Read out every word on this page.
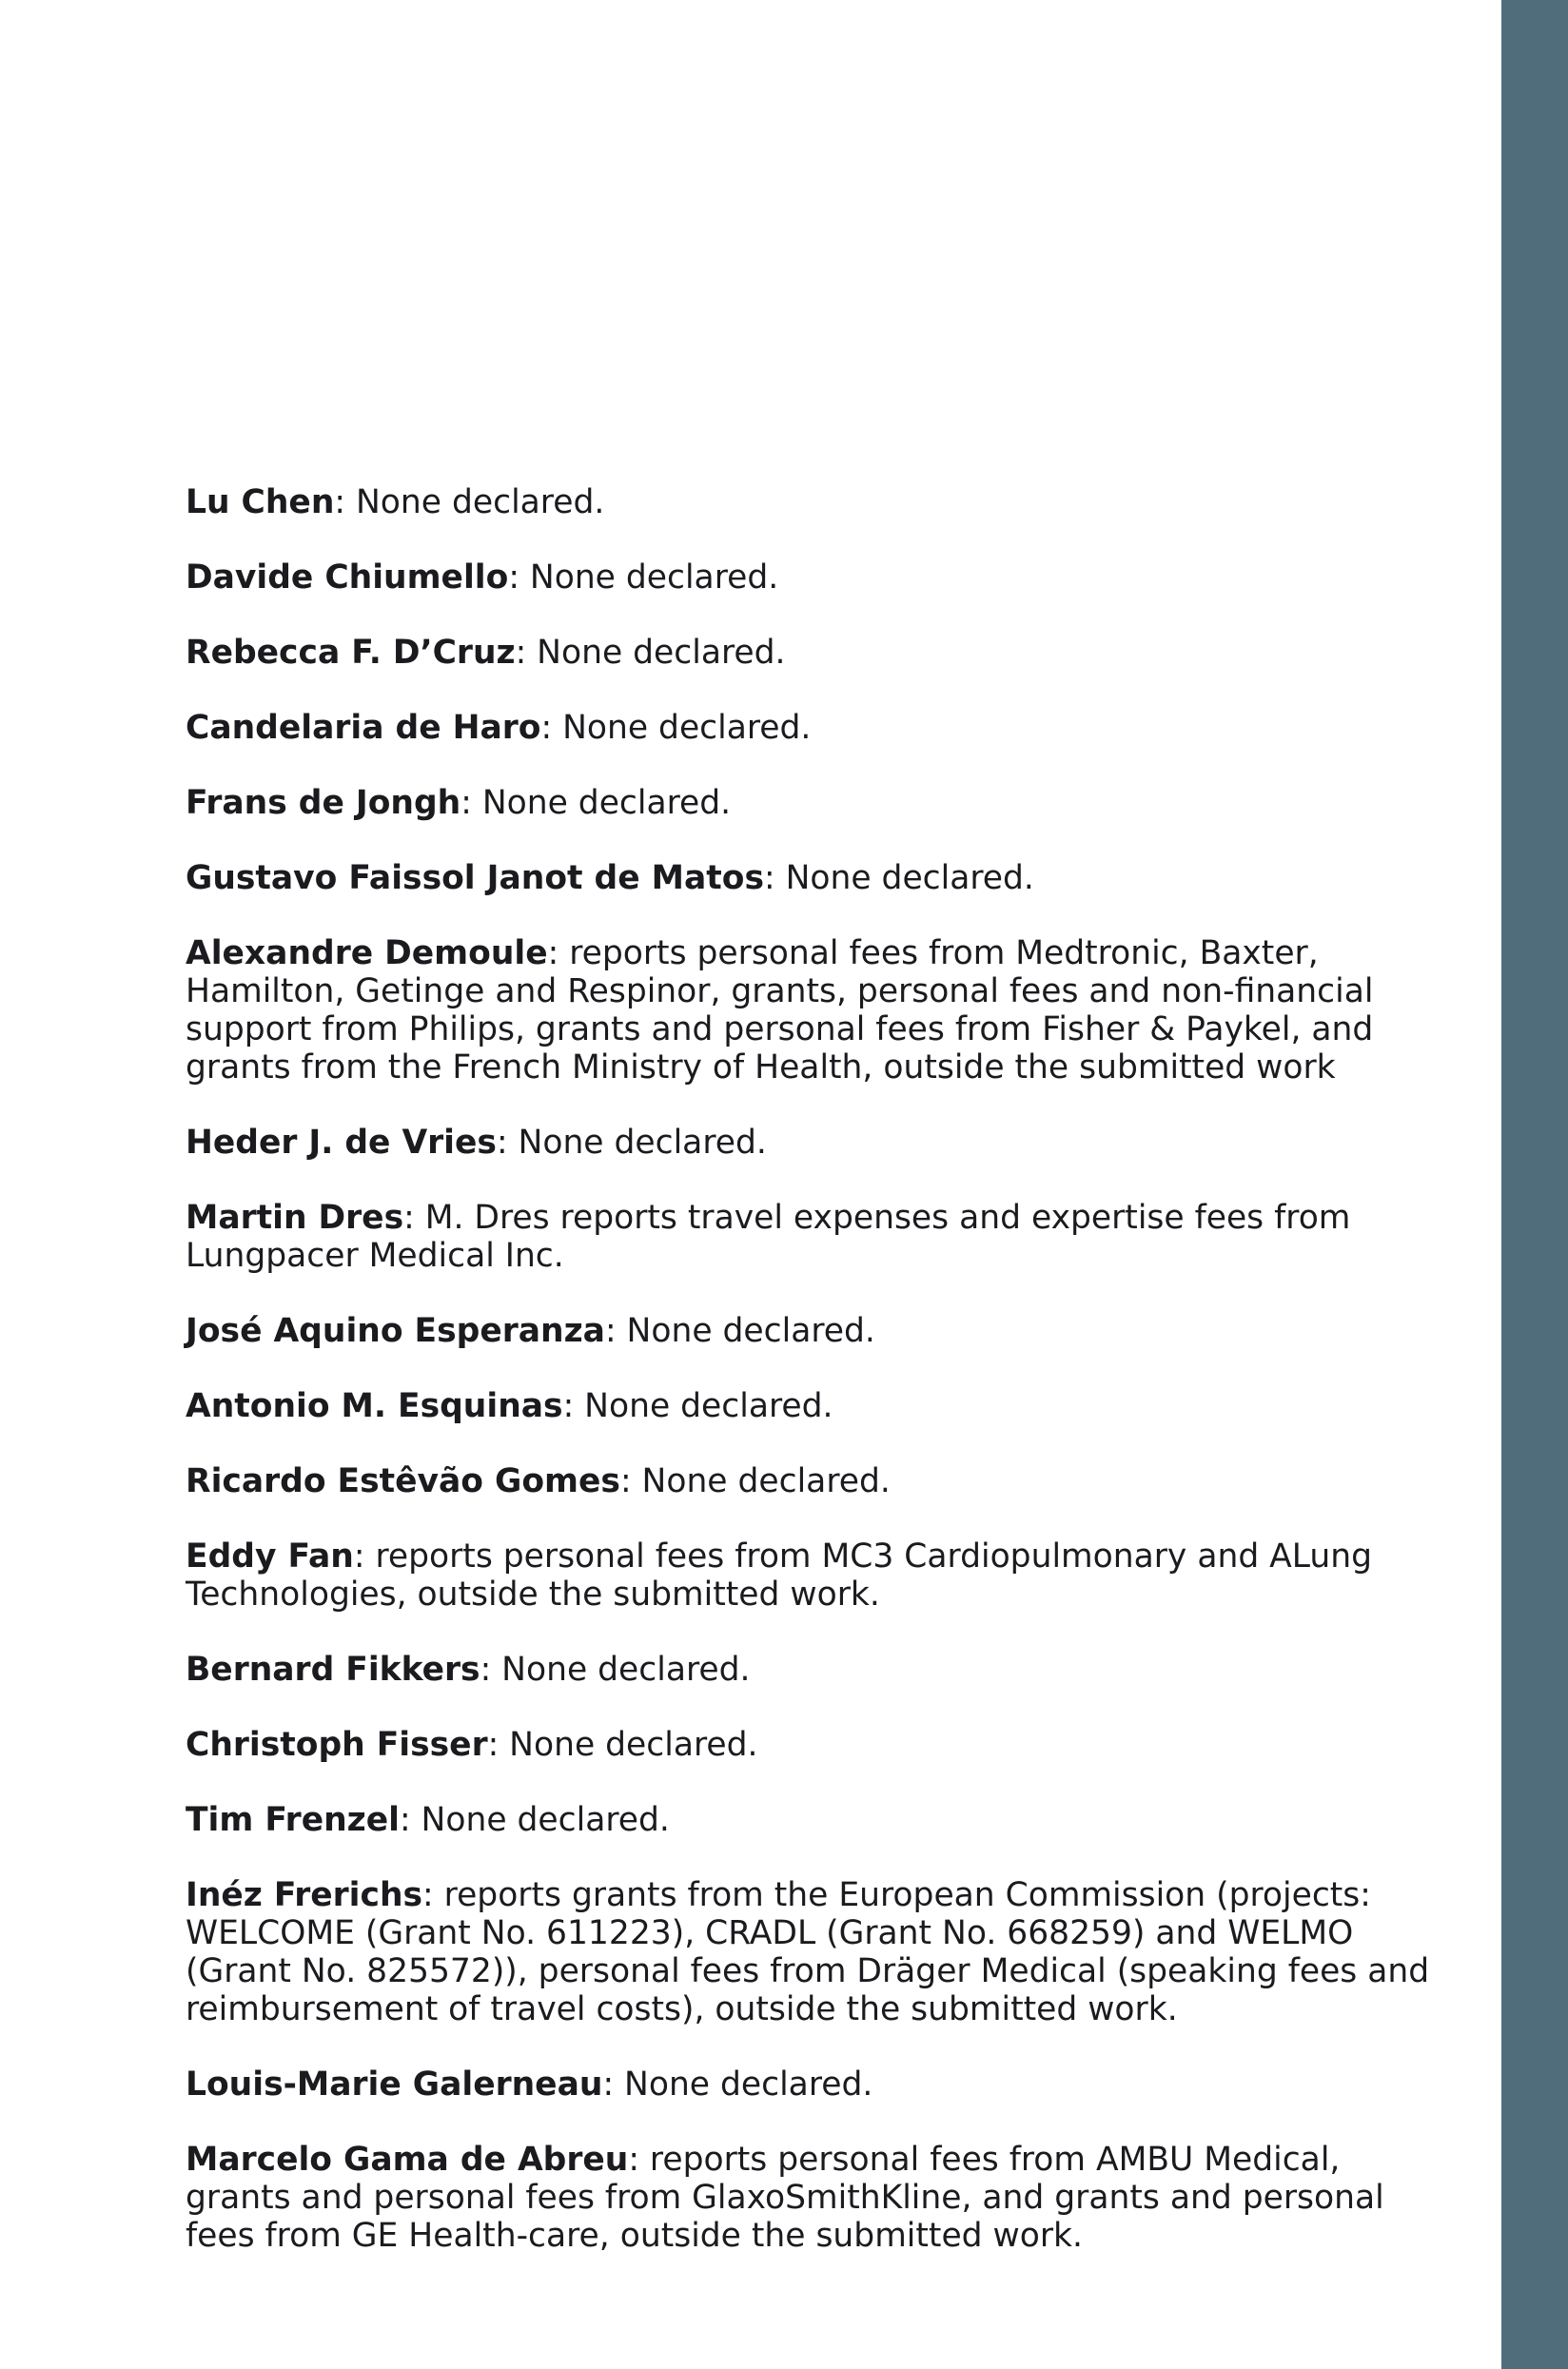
Lu Chen: None declared.

Davide Chiumello: None declared.

Rebecca F. D’Cruz: None declared.

Candelaria de Haro: None declared.

Frans de Jongh: None declared.

Gustavo Faissol Janot de Matos: None declared.

Alexandre Demoule: reports personal fees from Medtronic, Baxter, Hamilton, Getinge and Respinor, grants, personal fees and non-financial support from Philips, grants and personal fees from Fisher & Paykel, and grants from the French Ministry of Health, outside the submitted work

Heder J. de Vries: None declared.

Martin Dres: M. Dres reports travel expenses and expertise fees from Lungpacer Medical Inc.

José Aquino Esperanza: None declared.

Antonio M. Esquinas: None declared.

Ricardo Estêvão Gomes: None declared.

Eddy Fan: reports personal fees from MC3 Cardiopulmonary and ALung Technologies, outside the submitted work.

Bernard Fikkers: None declared.

Christoph Fisser: None declared.

Tim Frenzel: None declared.

Inéz Frerichs: reports grants from the European Commission (projects: WELCOME (Grant No. 611223), CRADL (Grant No. 668259) and WELMO (Grant No. 825572)), personal fees from Dräger Medical (speaking fees and reimbursement of travel costs), outside the submitted work.

Louis-Marie Galerneau: None declared.

Marcelo Gama de Abreu: reports personal fees from AMBU Medical, grants and personal fees from GlaxoSmithKline, and grants and personal fees from GE Health-care, outside the submitted work.
